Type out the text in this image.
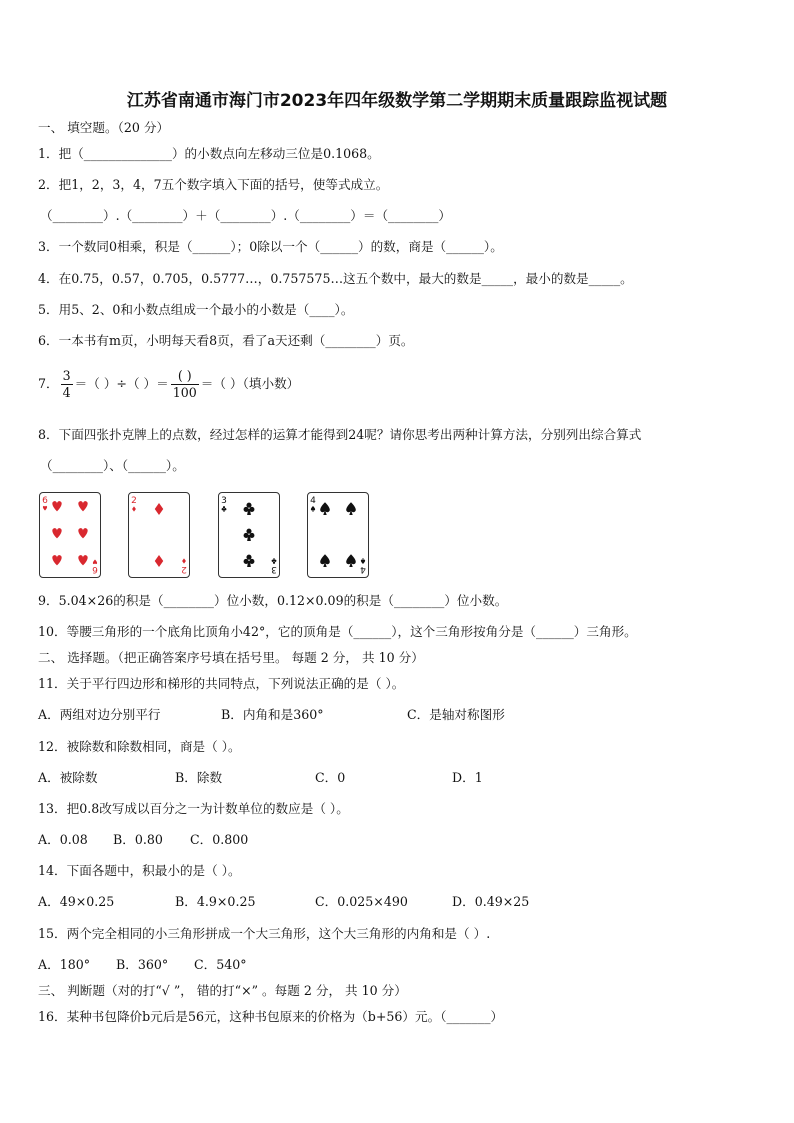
江苏省南通市海门市2023年四年级数学第二学期期末质量跟踪监视试题
一、 填空题。（20 分）
1．把（______________）的小数点向左移动三位是0.1068。
2．把1，2，3，4，7五个数字填入下面的括号，使等式成立。
（________）.（________）＋（________）.（________）＝（________）
3．一个数同0相乘，积是（______）；0除以一个（______）的数，商是（______）。
4．在0.75，0.57，0.705，0.5777…，0.757575…这五个数中，最大的数是_____，最小的数是_____。
5．用5、2、0和小数点组成一个最小的小数是（____）。
6．一本书有m页，小明每天看8页，看了a天还剩（________）页。
7． $\frac{3}{4}$ ＝（ ）÷（ ）＝ $\frac{( )}{100}$ ＝（ ）（填小数）
8．下面四张扑克牌上的点数，经过怎样的运算才能得到24呢？请你思考出两种计算方法，分别列出综合算式
（________）、（______）。
6
6
2
2
3
3
4
4
9．5.04×26的积是（________）位小数，0.12×0.09的积是（________）位小数。
10．等腰三角形的一个底角比顶角小42°，它的顶角是（______），这个三角形按角分是（______）三角形。
二、 选择题。（把正确答案序号填在括号里。 每题 2 分， 共 10 分）
11．关于平行四边形和梯形的共同特点，下列说法正确的是（ ）。
A．两组对边分别平行	B．内角和是360°	C．是轴对称图形
12．被除数和除数相同，商是（ ）。
A．被除数	B．除数	C．0	D．1
13．把0.8改写成以百分之一为计数单位的数应是（ ）。
A．0.08 B．0.80 C．0.800
14．下面各题中，积最小的是（ ）。
A．49×0.25	B．4.9×0.25	C．0.025×490	D．0.49×25
15．两个完全相同的小三角形拼成一个大三角形，这个大三角形的内角和是（ ）.
A．180° B．360° C．540°
三、 判断题（对的打“√ ”， 错的打“×” 。每题 2 分， 共 10 分）
16．某种书包降价b元后是56元，这种书包原来的价格为（b+56）元。（_______）
